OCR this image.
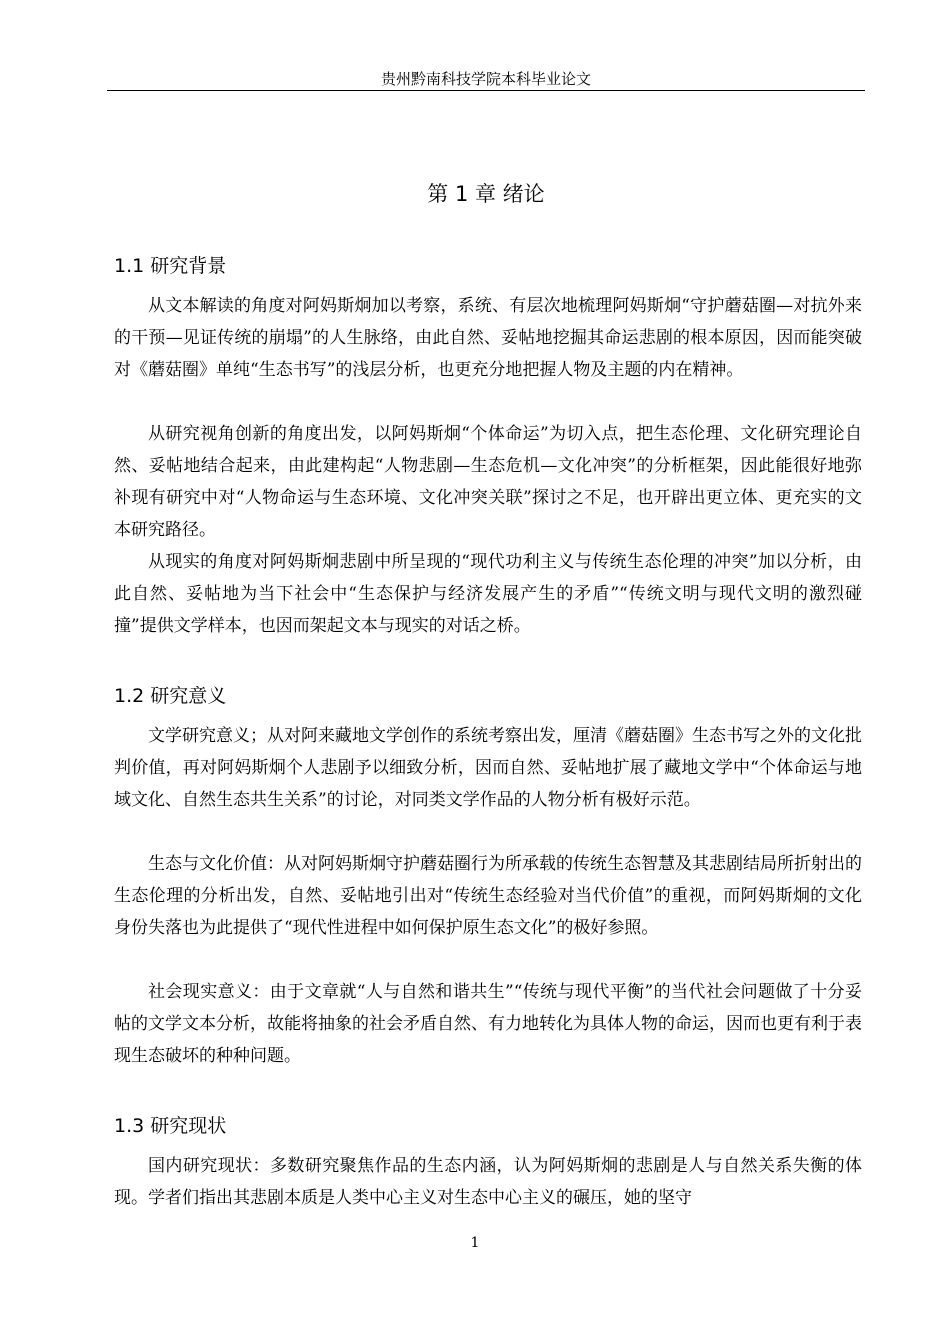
贵州黔南科技学院本科毕业论文
第 1 章 绪论
1.1 研究背景

从文本解读的角度对阿妈斯炯加以考察，系统、有层次地梳理阿妈斯炯“守护蘑菇圈—对抗外来的干预—见证传统的崩塌”的人生脉络，由此自然、妥帖地挖掘其命运悲剧的根本原因，因而能突破对《蘑菇圈》单纯“生态书写”的浅层分析，也更充分地把握人物及主题的内在精神。

从研究视角创新的角度出发，以阿妈斯炯“个体命运”为切入点，把生态伦理、文化研究理论自然、妥帖地结合起来，由此建构起“人物悲剧—生态危机—文化冲突”的分析框架，因此能很好地弥补现有研究中对“人物命运与生态环境、文化冲突关联”探讨之不足，也开辟出更立体、更充实的文本研究路径。

从现实的角度对阿妈斯炯悲剧中所呈现的“现代功利主义与传统生态伦理的冲突”加以分析，由此自然、妥帖地为当下社会中“生态保护与经济发展产生的矛盾”“传统文明与现代文明的激烈碰撞”提供文学样本，也因而架起文本与现实的对话之桥。

1.2 研究意义

文学研究意义；从对阿来藏地文学创作的系统考察出发，厘清《蘑菇圈》生态书写之外的文化批判价值，再对阿妈斯炯个人悲剧予以细致分析，因而自然、妥帖地扩展了藏地文学中“个体命运与地域文化、自然生态共生关系”的讨论，对同类文学作品的人物分析有极好示范。

生态与文化价值：从对阿妈斯炯守护蘑菇圈行为所承载的传统生态智慧及其悲剧结局所折射出的生态伦理的分析出发，自然、妥帖地引出对“传统生态经验对当代价值”的重视，而阿妈斯炯的文化身份失落也为此提供了“现代性进程中如何保护原生态文化”的极好参照。

社会现实意义：由于文章就“人与自然和谐共生”“传统与现代平衡”的当代社会问题做了十分妥帖的文学文本分析，故能将抽象的社会矛盾自然、有力地转化为具体人物的命运，因而也更有利于表现生态破坏的种种问题。

1.3 研究现状

国内研究现状：多数研究聚焦作品的生态内涵，认为阿妈斯炯的悲剧是人与自然关系失衡的体现。学者们指出其悲剧本质是人类中心主义对生态中心主义的碾压，她的坚守

1
